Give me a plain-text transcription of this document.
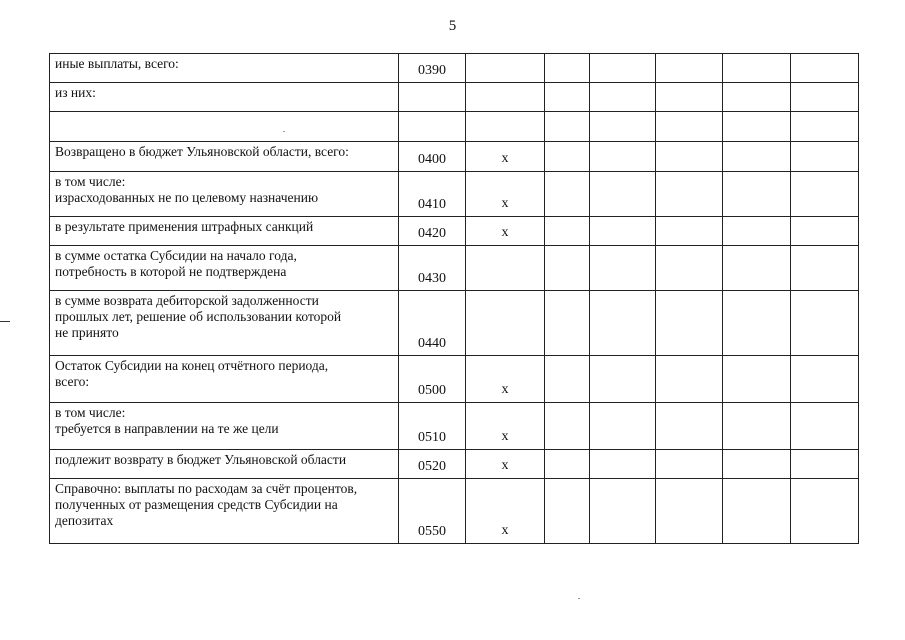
5
иные выплаты, всего:	0390						

из них:							

Возвращено в бюджет Ульяновской области, всего:	0400	x					

в том числе:
израсходованных не по целевому назначению	0410	x					

в результате применения штрафных санкций	0420	x					

в сумме остатка Субсидии на начало года,
потребность в которой не подтверждена	0430						

в сумме возврата дебиторской задолженности
прошлых лет, решение об использовании которой
не принято	0440						

Остаток Субсидии на конец отчётного периода,
всего:	0500	x					

в том числе:
требуется в направлении на те же цели	0510	x					

подлежит возврату в бюджет Ульяновской области	0520	x					

Справочно: выплаты по расходам за счёт процентов,
полученных от размещения средств Субсидии на
депозитах	0550	x					
